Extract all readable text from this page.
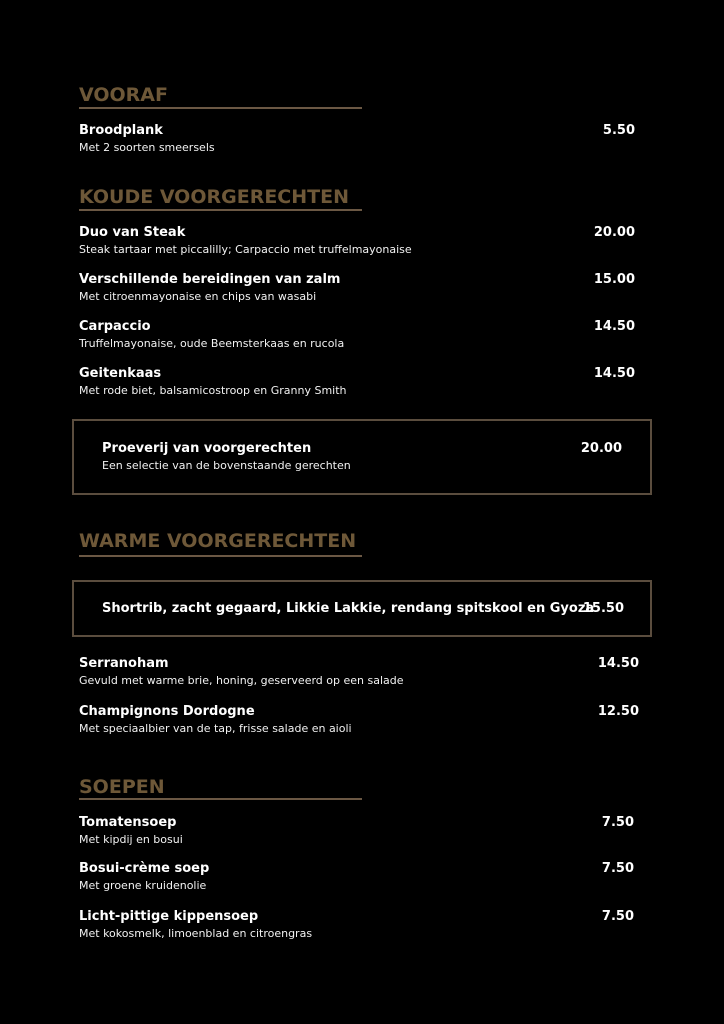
VOORAF
Broodplank
Met 2 soorten smeersels
5.50
KOUDE VOORGERECHTEN
Duo van Steak
Steak tartaar met piccalilly; Carpaccio met truffelmayonaise
20.00
Verschillende bereidingen van zalm
Met citroenmayonaise en chips van wasabi
15.00
Carpaccio
Truffelmayonaise, oude Beemsterkaas en rucola
14.50
Geitenkaas
Met rode biet, balsamicostroop en Granny Smith
14.50
Proeverij van voorgerechten
Een selectie van de bovenstaande gerechten
20.00
WARME VOORGERECHTEN
Shortrib, zacht gegaard, Likkie Lakkie, rendang spitskool en Gyoza
15.50
Serranoham
Gevuld met warme brie, honing, geserveerd op een salade
14.50
Champignons Dordogne
Met speciaalbier van de tap, frisse salade en aioli
12.50
SOEPEN
Tomatensoep
Met kipdij en bosui
7.50
Bosui-crème soep
Met groene kruidenolie
7.50
Licht-pittige kippensoep
Met kokosmelk, limoenblad en citroengras
7.50
